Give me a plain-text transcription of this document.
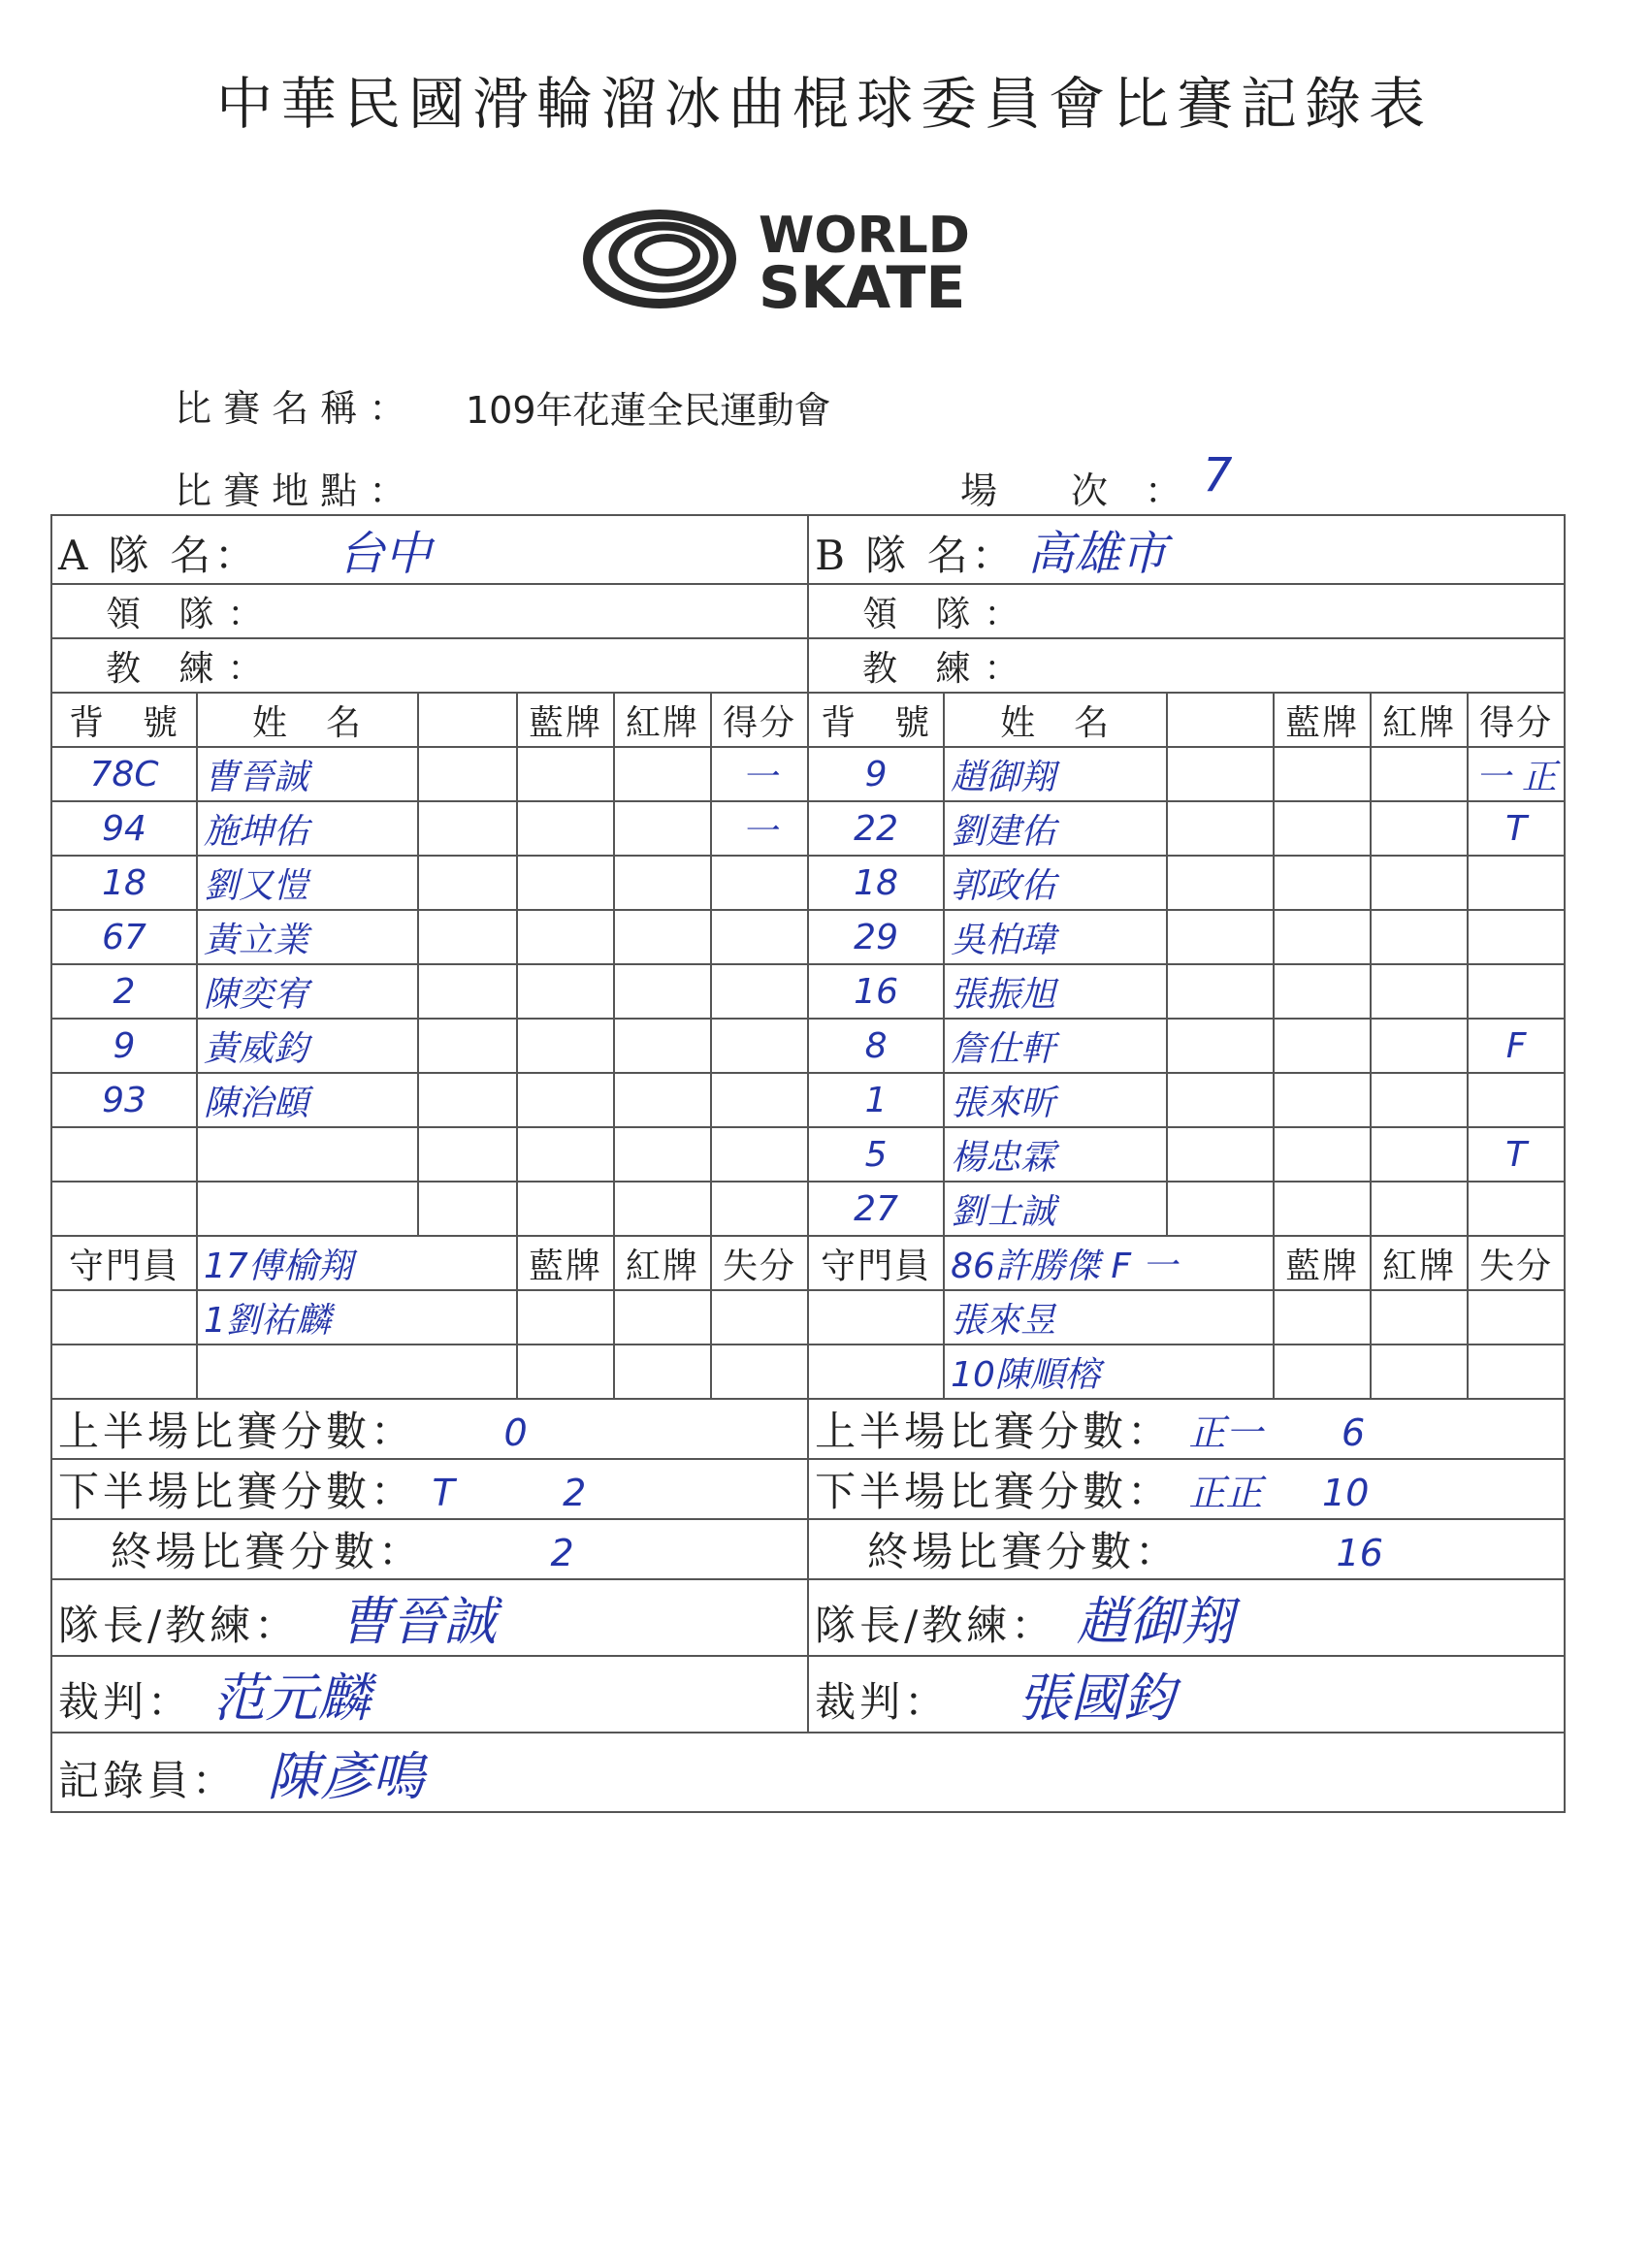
中華民國滑輪溜冰曲棍球委員會比賽記錄表
WORLD
SKATE
比 賽 名 稱 ： 109年花蓮全民運動會
比 賽 地 點 ：	場　　次　： 7
A 隊 名： 台中						B 隊 名： 高雄市					
領 隊：						領 隊：					
教 練：						教 練：					
背　號	姓　名		藍牌	紅牌	得分	背　號	姓　名		藍牌	紅牌	得分
78C	曹晉誠				一	9	趙御翔				一 正
94	施坤佑				一	22	劉建佑				T
18	劉又愷					18	郭政佑				
67	黃立業					29	吳柏瑋				
2	陳奕宥					16	張振旭				
9	黃威鈞					8	詹仕軒				F
93	陳治頤					1	張來昕				
						5	楊忠霖				T
						27	劉士誠				
守門員	17傅榆翔		藍牌	紅牌	失分	守門員	86許勝傑 F 一		藍牌	紅牌	失分
	1劉祐麟						張來昱				
							10陳順榕				
上半場比賽分數： 0						上半場比賽分數： 正一 6					
下半場比賽分數： T 2						下半場比賽分數： 正正 10					
終場比賽分數： 2						終場比賽分數： 16					
隊長/教練： 曹晉誠						隊長/教練： 趙御翔					
裁判： 范元麟						裁判： 張國鈞					
記錄員： 陳彥鳴											
